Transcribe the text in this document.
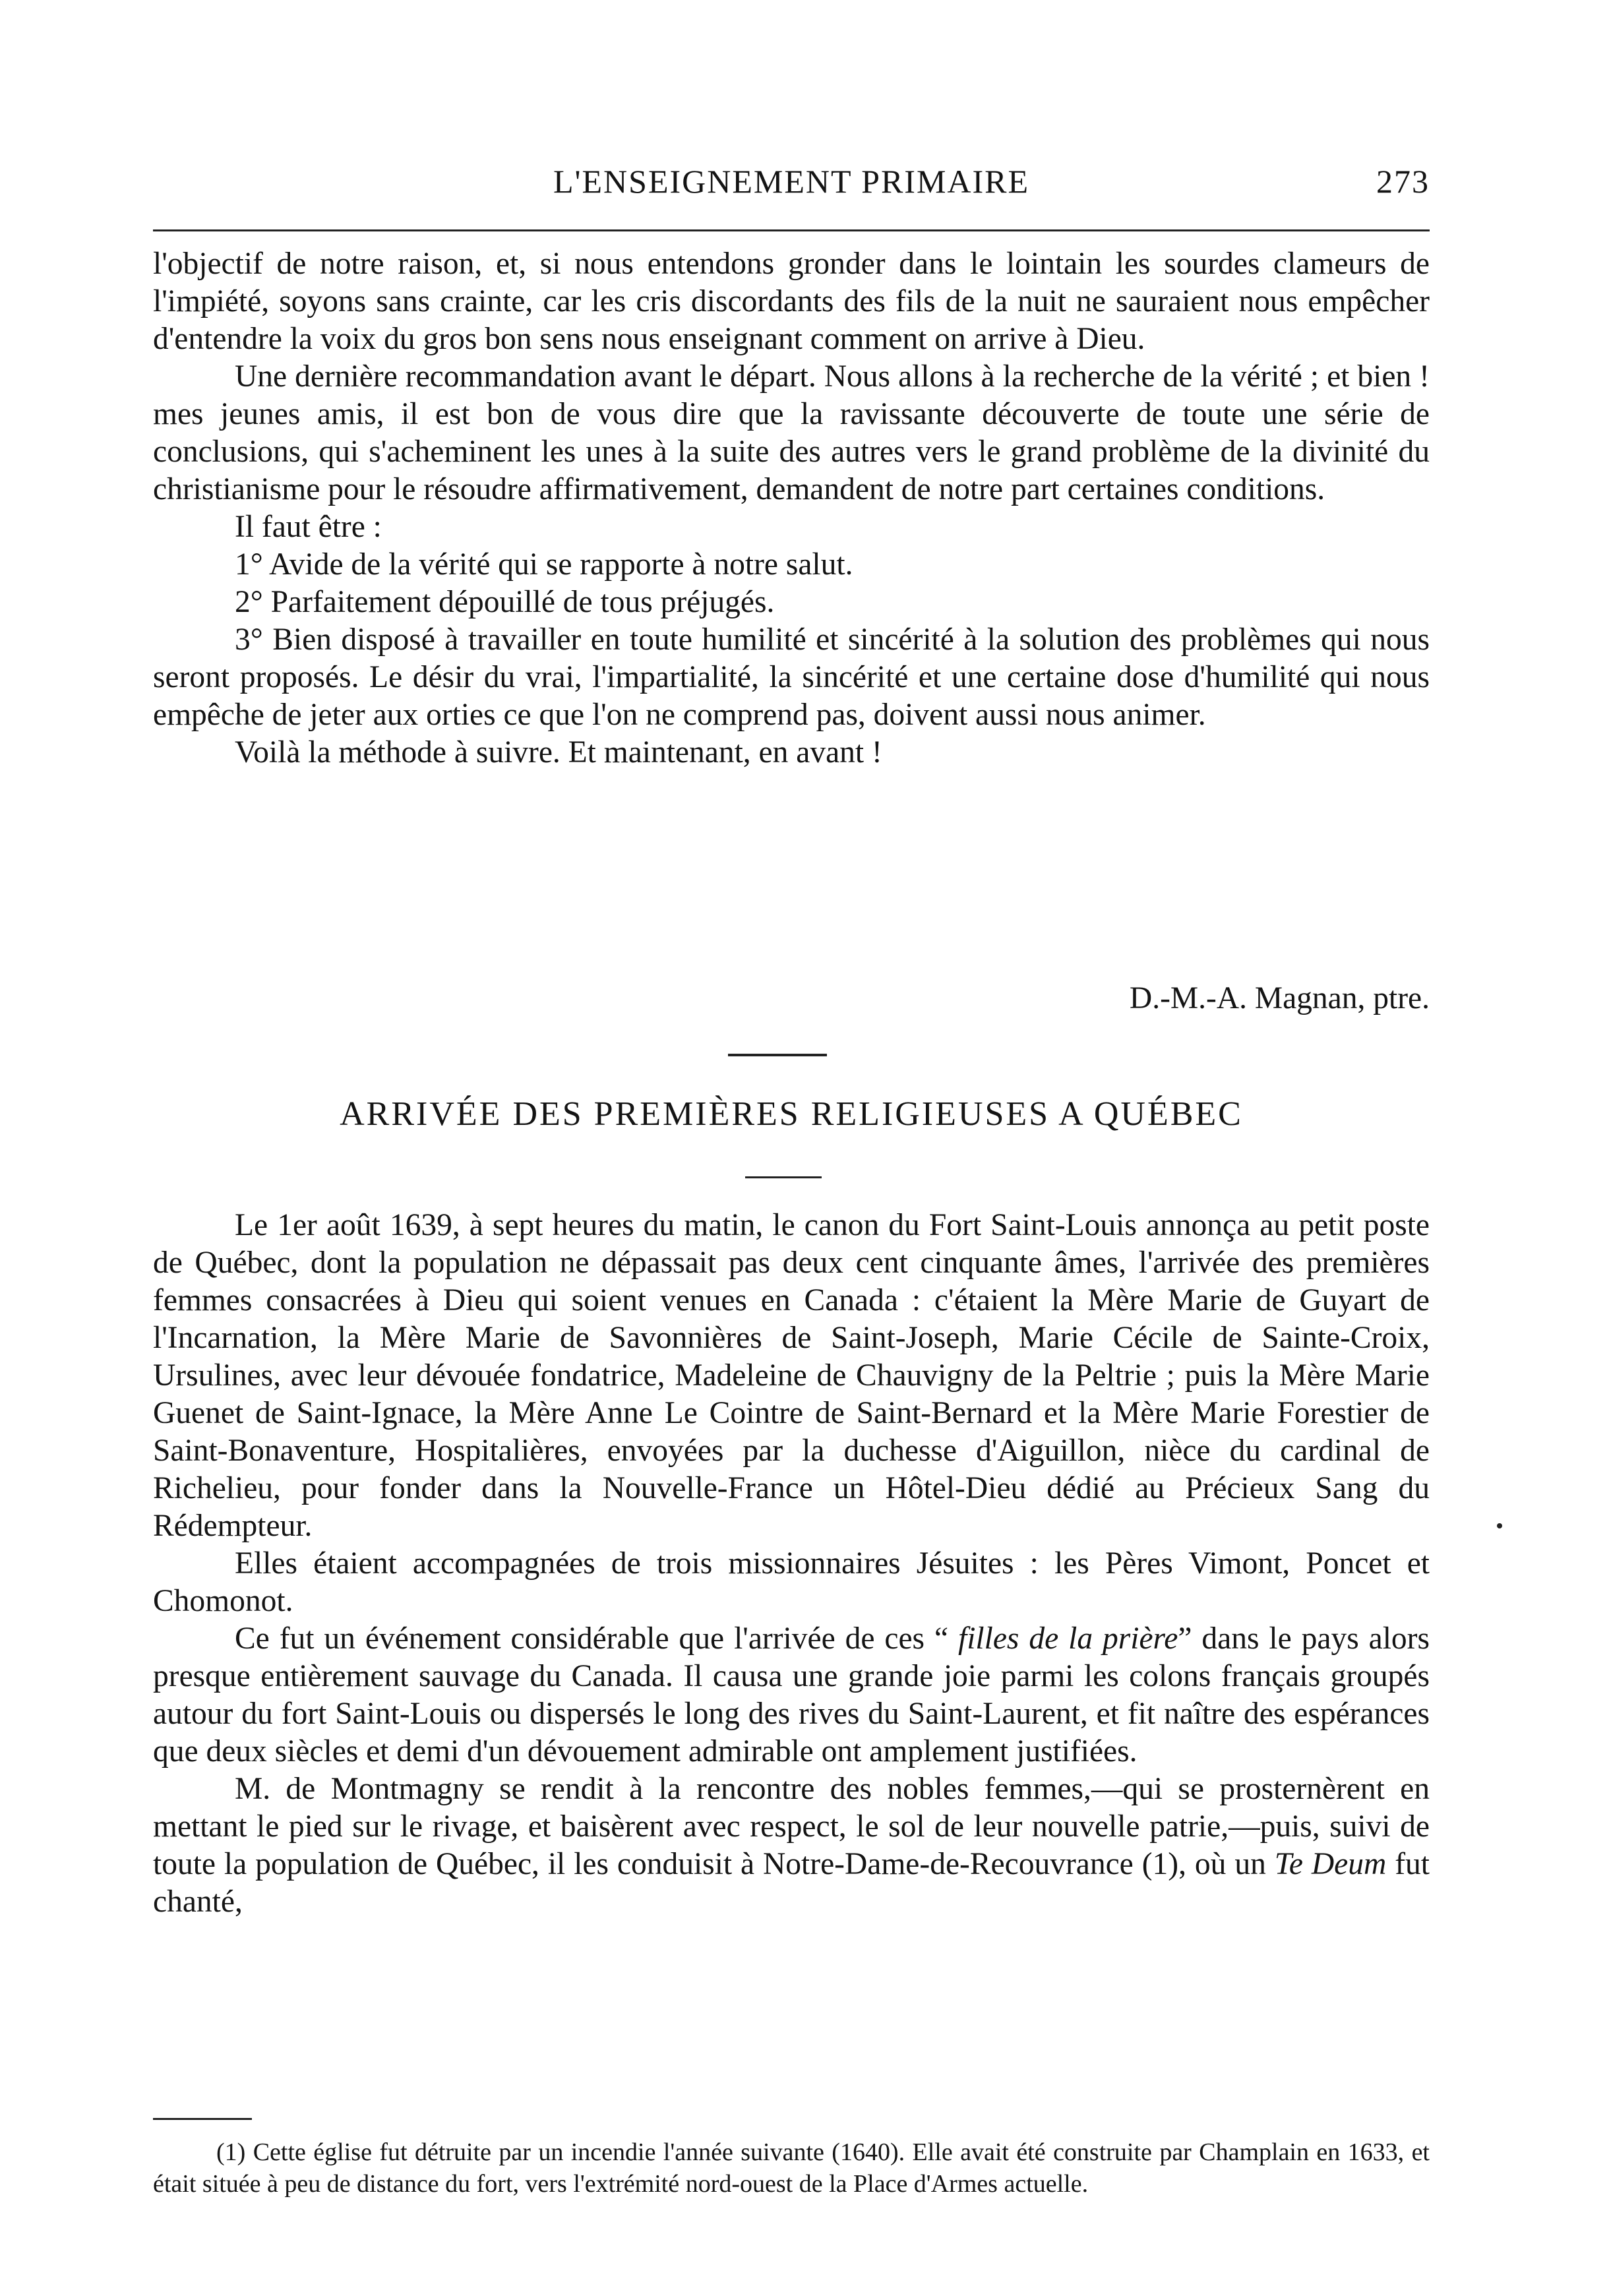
L'ENSEIGNEMENT PRIMAIRE	273

l'objectif de notre raison, et, si nous entendons gronder dans le lointain les sourdes clameurs de l'impiété, soyons sans crainte, car les cris discordants des fils de la nuit ne sauraient nous empêcher d'entendre la voix du gros bon sens nous enseignant comment on arrive à Dieu.

Une dernière recommandation avant le départ. Nous allons à la recherche de la vérité ; et bien ! mes jeunes amis, il est bon de vous dire que la ravissante découverte de toute une série de conclusions, qui s'acheminent les unes à la suite des autres vers le grand problème de la divinité du christianisme pour le résoudre affirmativement, demandent de notre part certaines conditions.

Il faut être :

1° Avide de la vérité qui se rapporte à notre salut.

2° Parfaitement dépouillé de tous préjugés.

3° Bien disposé à travailler en toute humilité et sincérité à la solution des problèmes qui nous seront proposés. Le désir du vrai, l'impartialité, la sincérité et une certaine dose d'humilité qui nous empêche de jeter aux orties ce que l'on ne comprend pas, doivent aussi nous animer.

Voilà la méthode à suivre. Et maintenant, en avant !

D.-M.-A. Magnan, ptre.
ARRIVÉE DES PREMIÈRES RELIGIEUSES A QUÉBEC

Le 1er août 1639, à sept heures du matin, le canon du Fort Saint-Louis annonça au petit poste de Québec, dont la population ne dépassait pas deux cent cinquante âmes, l'arrivée des premières femmes consacrées à Dieu qui soient venues en Canada : c'étaient la Mère Marie de Guyart de l'Incarnation, la Mère Marie de Savonnières de Saint-Joseph, Marie Cécile de Sainte-Croix, Ursulines, avec leur dévouée fondatrice, Madeleine de Chauvigny de la Peltrie ; puis la Mère Marie Guenet de Saint-Ignace, la Mère Anne Le Cointre de Saint-Bernard et la Mère Marie Forestier de Saint-Bonaventure, Hospitalières, envoyées par la duchesse d'Aiguillon, nièce du cardinal de Richelieu, pour fonder dans la Nouvelle-France un Hôtel-Dieu dédié au Précieux Sang du Rédempteur.

Elles étaient accompagnées de trois missionnaires Jésuites : les Pères Vimont, Poncet et Chomonot.

Ce fut un événement considérable que l'arrivée de ces “ filles de la prière” dans le pays alors presque entièrement sauvage du Canada. Il causa une grande joie parmi les colons français groupés autour du fort Saint-Louis ou dispersés le long des rives du Saint-Laurent, et fit naître des espérances que deux siècles et demi d'un dévouement admirable ont amplement justifiées.

M. de Montmagny se rendit à la rencontre des nobles femmes,—qui se prosternèrent en mettant le pied sur le rivage, et baisèrent avec respect, le sol de leur nouvelle patrie,—puis, suivi de toute la population de Québec, il les conduisit à Notre-Dame-de-Recouvrance (1), où un Te Deum fut chanté,

(1) Cette église fut détruite par un incendie l'année suivante (1640). Elle avait été construite par Champlain en 1633, et était située à peu de distance du fort, vers l'extrémité nord-ouest de la Place d'Armes actuelle.
